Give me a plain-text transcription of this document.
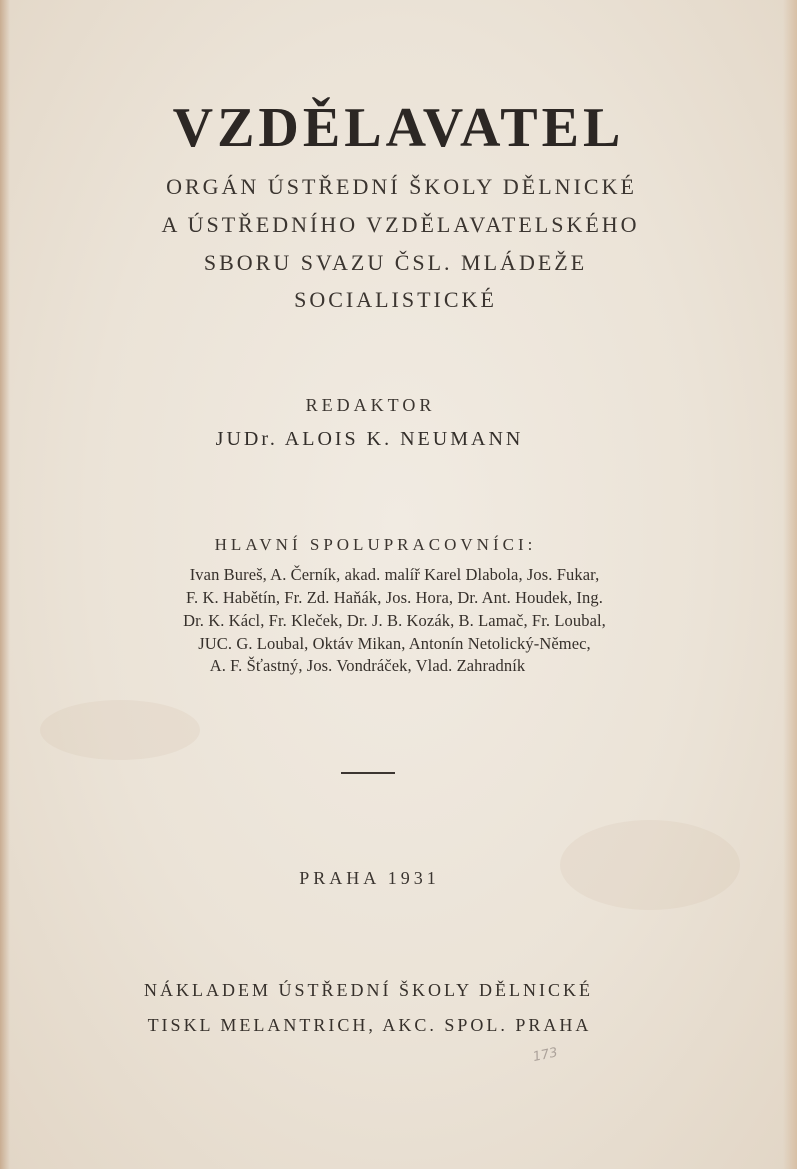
VZDĚLAVATEL

ORGÁN ÚSTŘEDNÍ ŠKOLY DĚLNICKÉ

A ÚSTŘEDNÍHO VZDĚLAVATELSKÉHO

SBORU SVAZU ČSL. MLÁDEŽE

SOCIALISTICKÉ

REDAKTOR

JUDr. ALOIS K. NEUMANN

HLAVNÍ SPOLUPRACOVNÍCI:

Ivan Bureš, A. Černík, akad. malíř Karel Dlabola, Jos. Fukar,

F. K. Habětín, Fr. Zd. Haňák, Jos. Hora, Dr. Ant. Houdek, Ing.

Dr. K. Kácl, Fr. Kleček, Dr. J. B. Kozák, B. Lamač, Fr. Loubal,

JUC. G. Loubal, Oktáv Mikan, Antonín Netolický-Němec,

A. F. Šťastný, Jos. Vondráček, Vlad. Zahradník

PRAHA 1931

NÁKLADEM ÚSTŘEDNÍ ŠKOLY DĚLNICKÉ

TISKL MELANTRICH, AKC. SPOL. PRAHA

173
